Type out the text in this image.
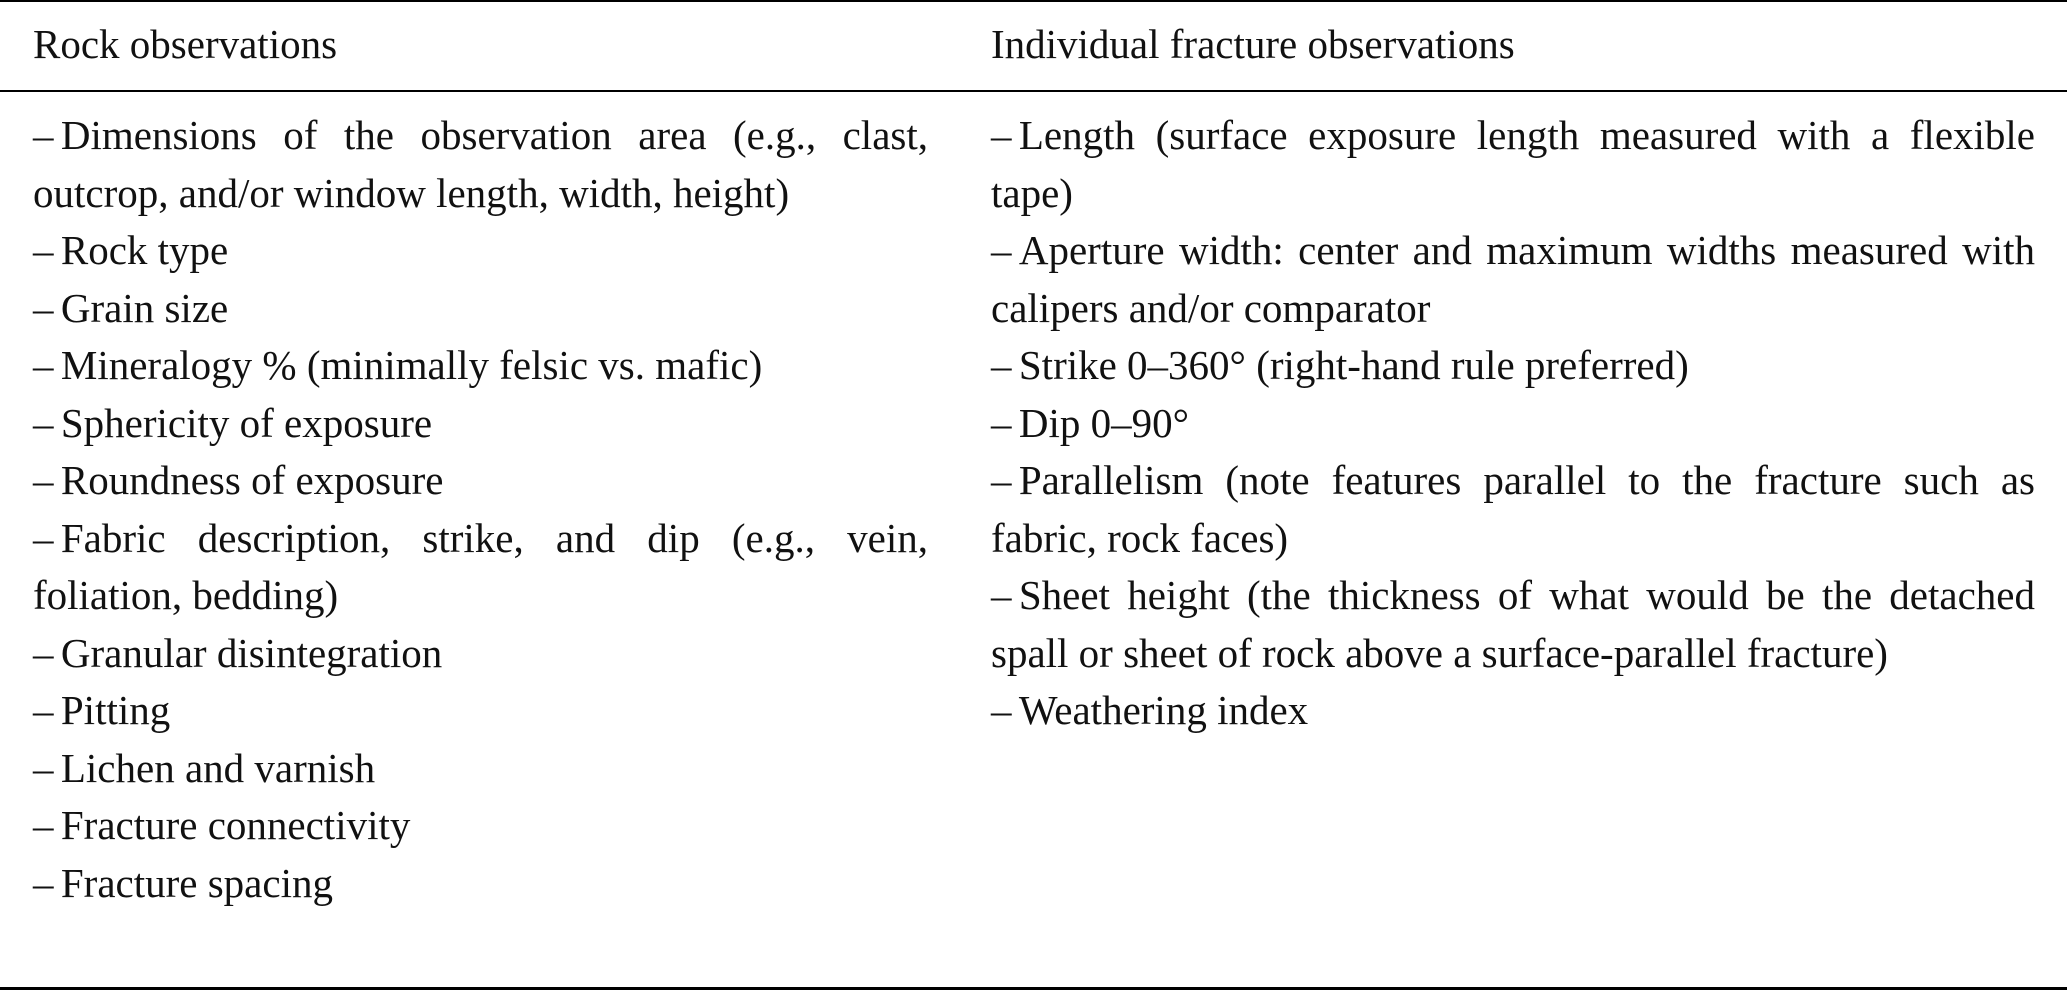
Rock observations	Individual fracture observations
– Dimensions of the observation area (e.g., clast, outcrop, and/or window length, width, height)
– Rock type
– Grain size
– Mineralogy % (minimally felsic vs. mafic)
– Sphericity of exposure
– Roundness of exposure
– Fabric description, strike, and dip (e.g., vein, foliation, bedding)
– Granular disintegration
– Pitting
– Lichen and varnish
– Fracture connectivity
– Fracture spacing
– Length (surface exposure length measured with a flexible tape)
– Aperture width: center and maximum widths measured with calipers and/or comparator
– Strike 0–360° (right-hand rule preferred)
– Dip 0–90°
– Parallelism (note features parallel to the fracture such as fabric, rock faces)
– Sheet height (the thickness of what would be the detached spall or sheet of rock above a surface-parallel fracture)
– Weathering index
